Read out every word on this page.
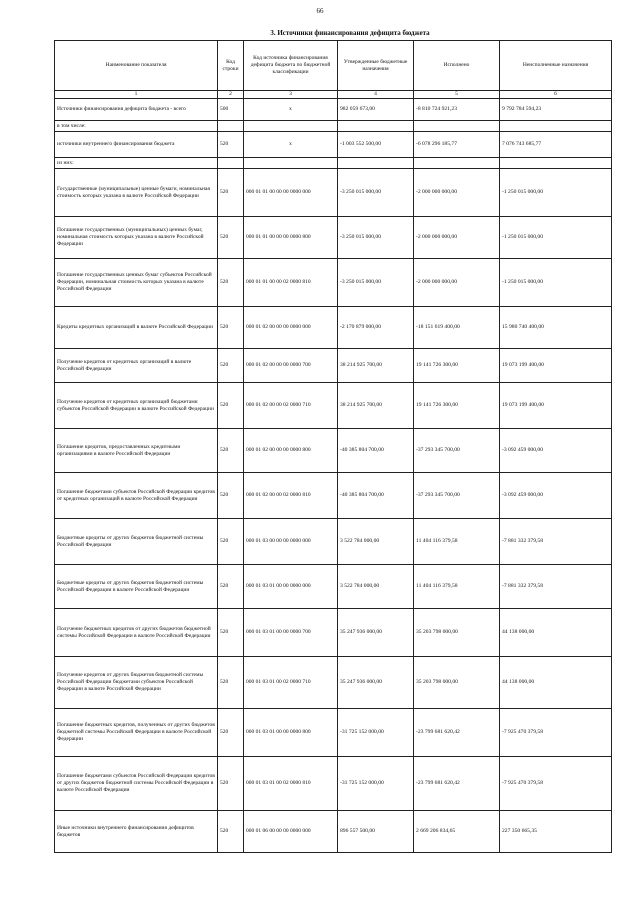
66
3. Источники финансирования дефицита бюджета
Наименование показателя	Код строки	Код источника финансирования дефицита бюджета по бюджетной классификации	Утвержденные бюджетные назначения	Исполнено	Неисполненные назначения
1	2	3	4	5	6
Источники финансирования дефицита бюджета - всего	500	x	982 059 673,00	-8 810 724 921,23	9 792 784 594,23
в том числе:					
источники внутреннего финансирования бюджета	520	x	-1 003 552 500,00	-6 078 296 185,77	7 076 743 685,77
из них:					
Государственные (муниципальные) ценные бумаги, номинальная стоимость которых указана в валюте Российской Федерации	520	000 01 01 00 00 00 0000 000	-3 250 015 000,00	-2 000 000 000,00	-1 250 015 000,00
Погашение государственных (муниципальных) ценных бумаг, номинальная стоимость которых указана в валюте Российской Федерации	520	000 01 01 00 00 00 0000 800	-3 250 015 000,00	-2 000 000 000,00	-1 250 015 000,00
Погашение государственных ценных бумаг субъектов Российской Федерации, номинальная стоимость которых указана в валюте Российской Федерации	520	000 01 01 00 00 02 0000 810	-3 250 015 000,00	-2 000 000 000,00	-1 250 015 000,00
Кредиты кредитных организаций в валюте Российской Федерации	520	000 01 02 00 00 00 0000 000	-2 170 879 000,00	-18 151 619 400,00	15 980 740 400,00
Получение кредитов от кредитных организаций в валюте Российской Федерации	520	000 01 02 00 00 00 0000 700	38 214 925 700,00	19 141 726 300,00	19 073 199 400,00
Получение кредитов от кредитных организаций бюджетами субъектов Российской Федерации в валюте Российской Федерации	520	000 01 02 00 00 02 0000 710	38 214 925 700,00	19 141 726 300,00	19 073 199 400,00
Погашение кредитов, предоставленных кредитными организациями в валюте Российской Федерации	520	000 01 02 00 00 00 0000 800	-40 385 804 700,00	-37 293 345 700,00	-3 092 459 000,00
Погашение бюджетами субъектов Российской Федерации кредитов от кредитных организаций в валюте Российской Федерации	520	000 01 02 00 00 02 0000 810	-40 385 804 700,00	-37 293 345 700,00	-3 092 459 000,00
Бюджетные кредиты от других бюджетов бюджетной системы Российской Федерации	520	000 01 03 00 00 00 0000 000	3 522 784 000,00	11 404 116 379,58	-7 881 332 379,58
Бюджетные кредиты от других бюджетов бюджетной системы Российской Федерации в валюте Российской Федерации	520	000 01 03 01 00 00 0000 000	3 522 784 000,00	11 404 116 379,58	-7 881 332 379,58
Получение бюджетных кредитов от других бюджетов бюджетной системы Российской Федерации в валюте Российской Федерации	520	000 01 03 01 00 00 0000 700	35 247 936 000,00	35 203 798 000,00	44 138 000,00
Получение кредитов от других бюджетов бюджетной системы Российской Федерации бюджетами субъектов Российской Федерации в валюте Российской Федерации	520	000 01 03 01 00 02 0000 710	35 247 936 000,00	35 203 798 000,00	44 138 000,00
Погашение бюджетных кредитов, полученных от других бюджетов бюджетной системы Российской Федерации в валюте Российской Федерации	520	000 01 03 01 00 00 0000 800	-31 725 152 000,00	-23 799 681 620,42	-7 925 470 379,58
Погашение бюджетами субъектов Российской Федерации кредитов от других бюджетов бюджетной системы Российской Федерации в валюте Российской Федерации	520	000 01 03 01 00 02 0000 810	-31 725 152 000,00	-23 799 681 620,42	-7 925 470 379,58
Иные источники внутреннего финансирования дефицитов бюджетов	520	000 01 06 00 00 00 0000 000	896 557 500,00	2 669 206 834,65	227 350 665,35
